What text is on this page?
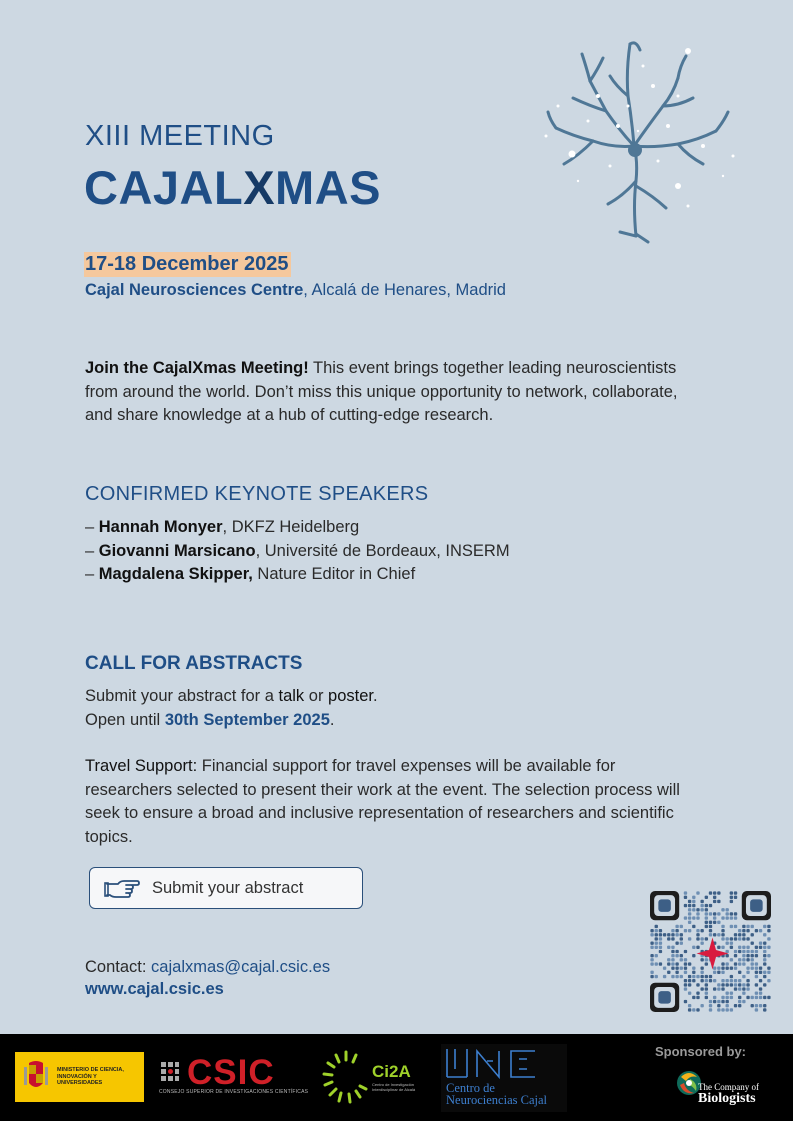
XIII MEETING
CAJALXMAS
17-18 December 2025
Cajal Neurosciences Centre, Alcalá de Henares, Madrid

Join the CajalXmas Meeting! This event brings together leading neuroscientists from around the world. Don’t miss this unique opportunity to network, collaborate, and share knowledge at a hub of cutting-edge research.

CONFIRMED KEYNOTE SPEAKERS
– Hannah Monyer, DKFZ Heidelberg
– Giovanni Marsicano, Université de Bordeaux, INSERM
– Magdalena Skipper, Nature Editor in Chief
CALL FOR ABSTRACTS
Submit your abstract for a talk or poster.
Open until 30th September 2025.

Travel Support: Financial support for travel expenses will be available for researchers selected to present their work at the event. The selection process will seek to ensure a broad and inclusive representation of researchers and scientific topics.

Submit your abstract
Contact: cajalxmas@cajal.csic.es
www.cajal.csic.es
MINISTERIO DE CIENCIA, INNOVACIÓN Y UNIVERSIDADES	CSIC
CONSEJO SUPERIOR DE INVESTIGACIONES CIENTÍFICAS
Ci2A
Centro de Investigación Interdisciplinar de Alcalá	Centro de
Neurociencias Cajal
Sponsored by:
The Company of
Biologists
